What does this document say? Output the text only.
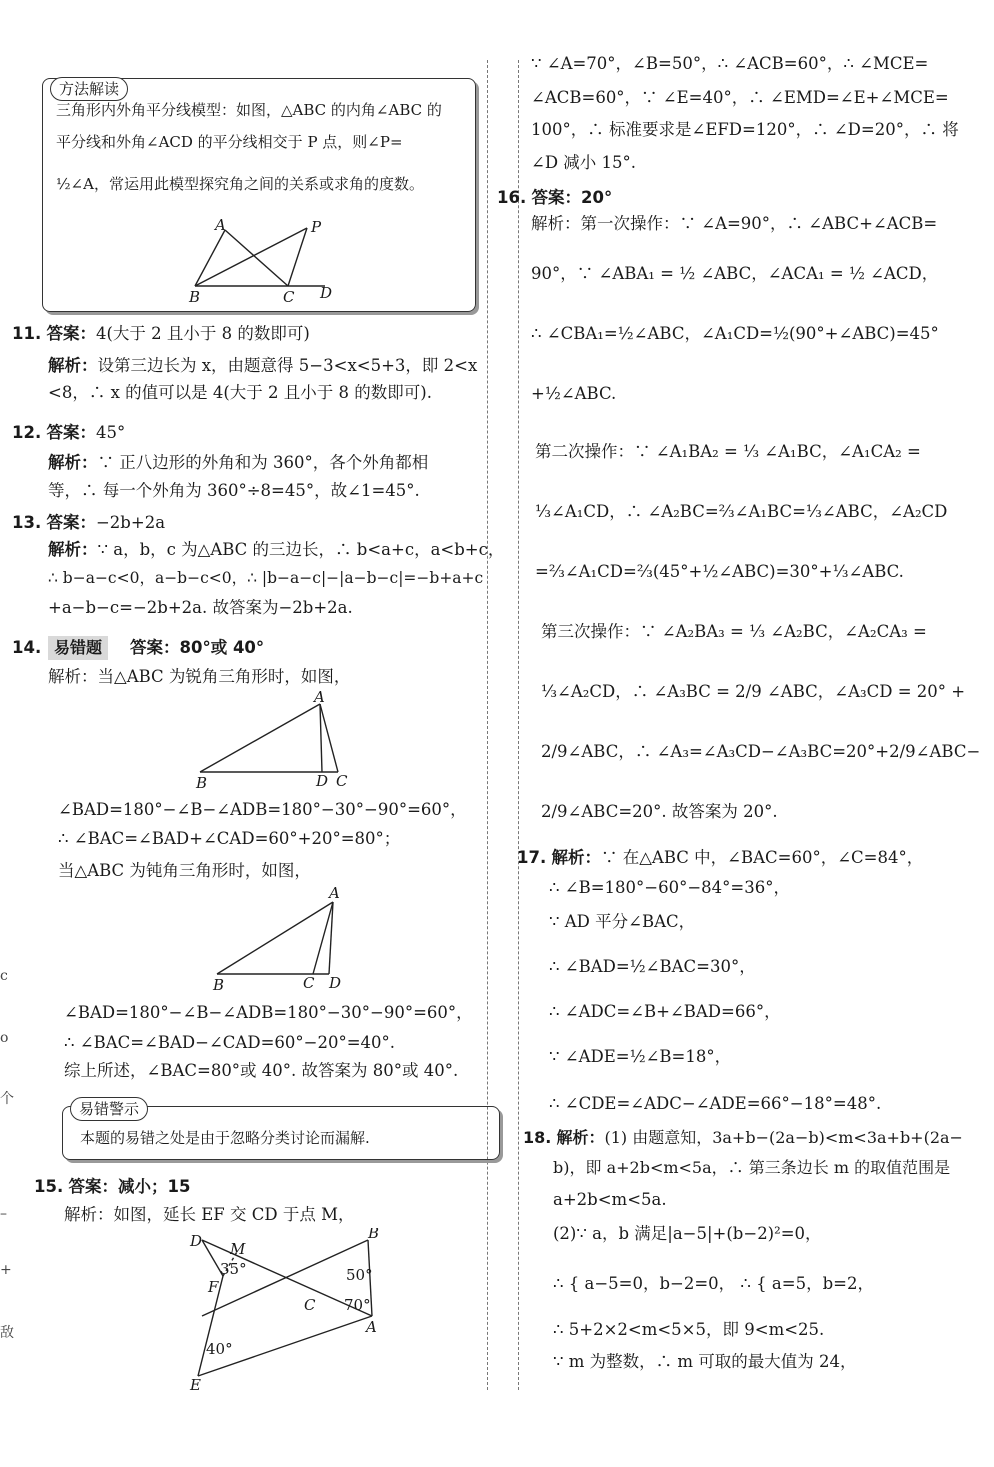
方法解读
三角形内外角平分线模型：如图，△ABC 的内角∠ABC 的
平分线和外角∠ACD 的平分线相交于 P 点，则∠P=
½∠A，常运用此模型探究角之间的关系或求角的度数。
A	P
B	C D
11. 答案：4(大于 2 且小于 8 的数即可)
解析：设第三边长为 x，由题意得 5−3<x<5+3，即 2<x
<8，∴ x 的值可以是 4(大于 2 且小于 8 的数即可).
12. 答案：45°
解析：∵ 正八边形的外角和为 360°，各个外角都相
等，∴ 每一个外角为 360°÷8=45°，故∠1=45°.
13. 答案：−2b+2a
解析：∵ a，b，c 为△ABC 的三边长，∴ b<a+c，a<b+c，
∴ b−a−c<0，a−b−c<0，∴ |b−a−c|−|a−b−c|=−b+a+c
+a−b−c=−2b+2a. 故答案为−2b+2a.
14. 易错题	答案：80°或 40°
解析：当△ABC 为锐角三角形时，如图，
A
B	D C
∠BAD=180°−∠B−∠ADB=180°−30°−90°=60°，
∴ ∠BAC=∠BAD+∠CAD=60°+20°=80°；
当△ABC 为钝角三角形时，如图，
A
B	C D
∠BAD=180°−∠B−∠ADB=180°−30°−90°=60°，
∴ ∠BAC=∠BAD−∠CAD=60°−20°=40°.
综上所述，∠BAC=80°或 40°. 故答案为 80°或 40°.
易错警示
本题的易错之处是由于忽略分类讨论而漏解.
15. 答案：减小；15
解析：如图，延长 EF 交 CD 于点 M，
D M
35°
B
50°
F
C 70°
A
40°
E
∵ ∠A=70°，∠B=50°，∴ ∠ACB=60°，∴ ∠MCE=
∠ACB=60°，∵ ∠E=40°，∴ ∠EMD=∠E+∠MCE=
100°，∴ 标准要求是∠EFD=120°，∴ ∠D=20°，∴ 将
∠D 减小 15°.
16. 答案：20°
解析：第一次操作：∵ ∠A=90°，∴ ∠ABC+∠ACB=
90°，∵ ∠ABA₁ = ½ ∠ABC，∠ACA₁ = ½ ∠ACD，
∴ ∠CBA₁=½∠ABC，∠A₁CD=½(90°+∠ABC)=45°
+½∠ABC.
第二次操作：∵ ∠A₁BA₂ = ⅓ ∠A₁BC，∠A₁CA₂ =
⅓∠A₁CD，∴ ∠A₂BC=⅔∠A₁BC=⅓∠ABC，∠A₂CD
=⅔∠A₁CD=⅔(45°+½∠ABC)=30°+⅓∠ABC.
第三次操作：∵ ∠A₂BA₃ = ⅓ ∠A₂BC，∠A₂CA₃ =
⅓∠A₂CD，∴ ∠A₃BC = 2/9 ∠ABC，∠A₃CD = 20° +
2/9∠ABC，∴ ∠A₃=∠A₃CD−∠A₃BC=20°+2/9∠ABC−
2/9∠ABC=20°. 故答案为 20°.
17. 解析：∵ 在△ABC 中，∠BAC=60°，∠C=84°，
∴ ∠B=180°−60°−84°=36°，
∵ AD 平分∠BAC，
∴ ∠BAD=½∠BAC=30°，
∴ ∠ADC=∠B+∠BAD=66°，
∵ ∠ADE=½∠B=18°，
∴ ∠CDE=∠ADC−∠ADE=66°−18°=48°.
18. 解析：(1) 由题意知，3a+b−(2a−b)<m<3a+b+(2a−
b)，即 a+2b<m<5a，∴ 第三条边长 m 的取值范围是
a+2b<m<5a.
(2)∵ a，b 满足|a−5|+(b−2)²=0，
∴ { a−5=0，b−2=0， ∴ { a=5，b=2，
∴ 5+2×2<m<5×5，即 9<m<25.
∵ m 为整数，∴ m 可取的最大值为 24，
c
o
个
–
+
敌
